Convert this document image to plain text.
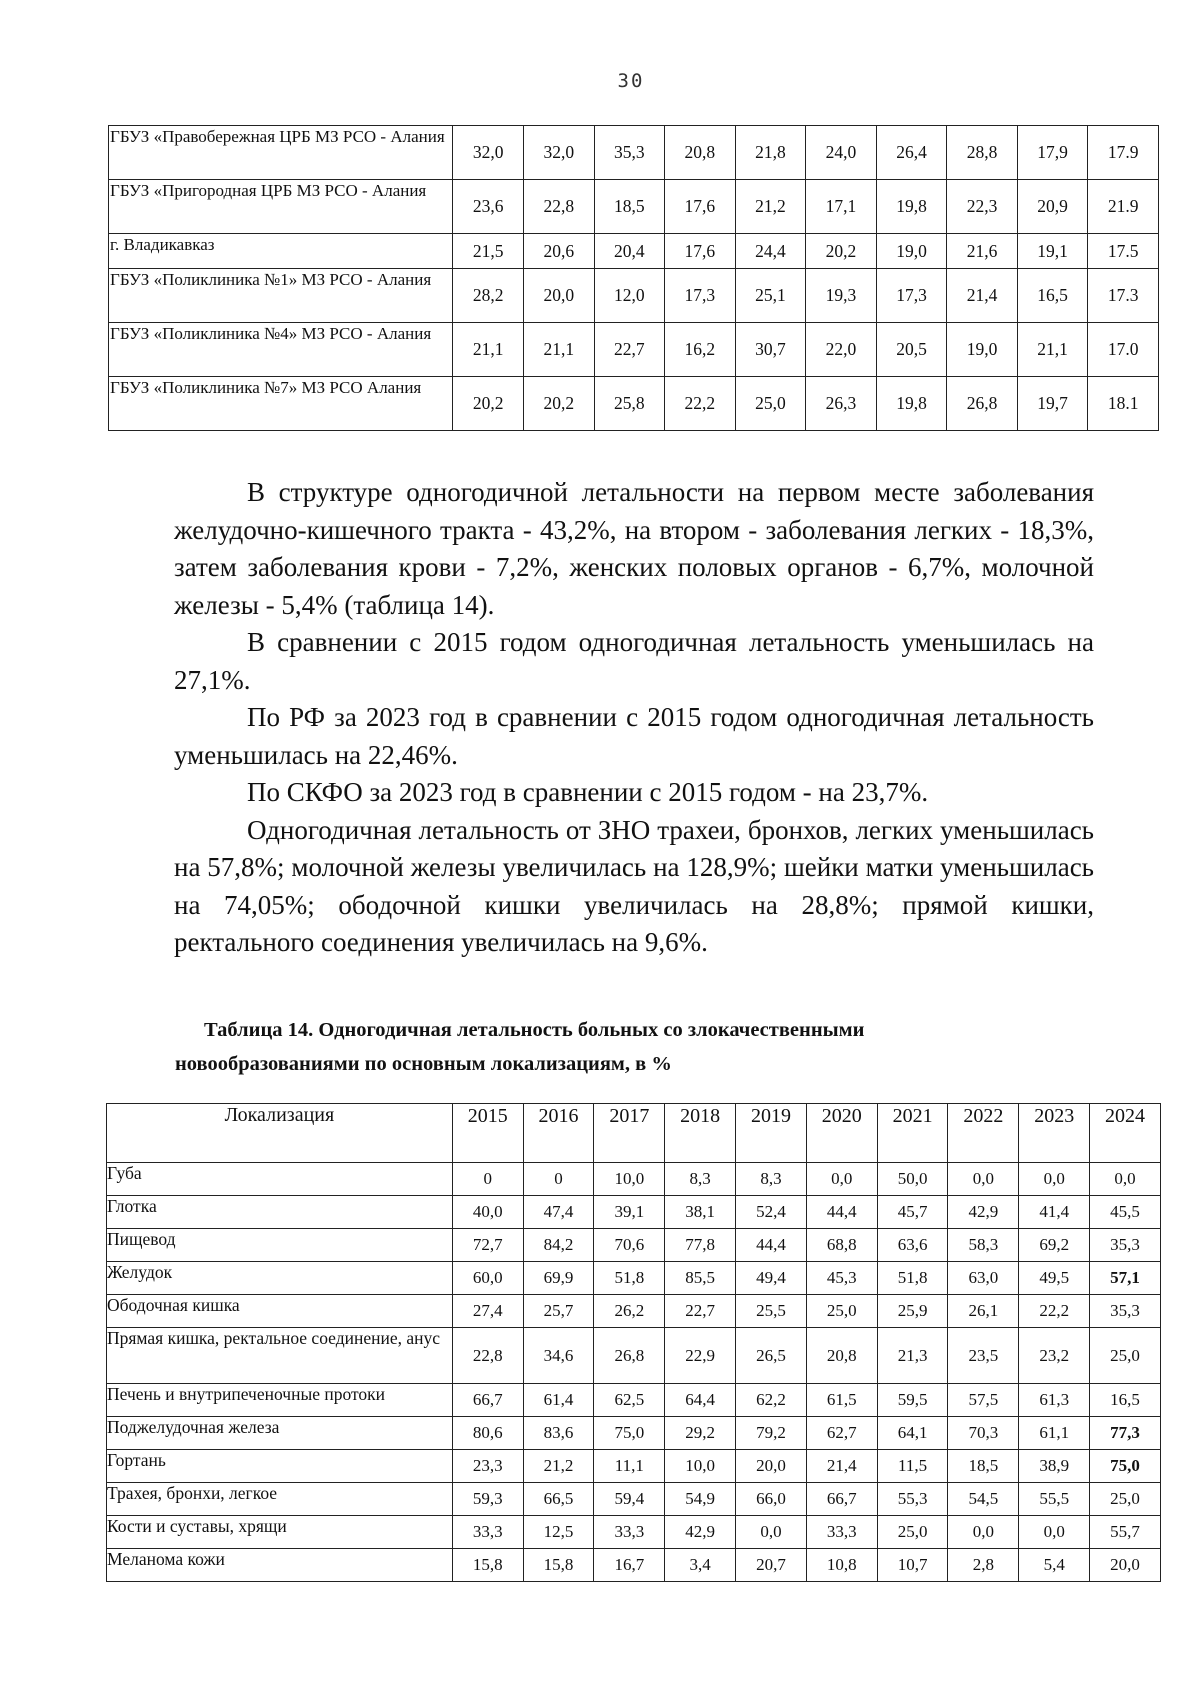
30
ГБУЗ «Правобережная ЦРБ МЗ РСО - Алания	32,0	32,0	35,3	20,8	21,8	24,0	26,4	28,8	17,9	17.9
ГБУЗ «Пригородная ЦРБ МЗ РСО - Алания	23,6	22,8	18,5	17,6	21,2	17,1	19,8	22,3	20,9	21.9
г. Владикавказ	21,5	20,6	20,4	17,6	24,4	20,2	19,0	21,6	19,1	17.5
ГБУЗ «Поликлиника №1» МЗ РСО - Алания	28,2	20,0	12,0	17,3	25,1	19,3	17,3	21,4	16,5	17.3
ГБУЗ «Поликлиника №4» МЗ РСО - Алания	21,1	21,1	22,7	16,2	30,7	22,0	20,5	19,0	21,1	17.0
ГБУЗ «Поликлиника №7» МЗ РСО Алания	20,2	20,2	25,8	22,2	25,0	26,3	19,8	26,8	19,7	18.1

В структуре одногодичной летальности на первом месте заболевания желудочно-кишечного тракта - 43,2%, на втором - заболевания легких - 18,3%, затем заболевания крови - 7,2%, женских половых органов - 6,7%, молочной железы - 5,4% (таблица 14).

В сравнении с 2015 годом одногодичная летальность уменьшилась на 27,1%.

По РФ за 2023 год в сравнении с 2015 годом одногодичная летальность уменьшилась на 22,46%.

По СКФО за 2023 год в сравнении с 2015 годом - на 23,7%.

Одногодичная летальность от ЗНО трахеи, бронхов, легких уменьшилась на 57,8%; молочной железы увеличилась на 128,9%; шейки матки уменьшилась на 74,05%; ободочной кишки увеличилась на 28,8%; прямой кишки, ректального соединения увеличилась на 9,6%.

Таблица 14. Одногодичная летальность больных со злокачественными
новообразованиями по основным локализациям, в %
Локализация	2015	2016	2017	2018	2019	2020	2021	2022	2023	2024
Губа	0	0	10,0	8,3	8,3	0,0	50,0	0,0	0,0	0,0
Глотка	40,0	47,4	39,1	38,1	52,4	44,4	45,7	42,9	41,4	45,5
Пищевод	72,7	84,2	70,6	77,8	44,4	68,8	63,6	58,3	69,2	35,3
Желудок	60,0	69,9	51,8	85,5	49,4	45,3	51,8	63,0	49,5	57,1
Ободочная кишка	27,4	25,7	26,2	22,7	25,5	25,0	25,9	26,1	22,2	35,3
Прямая кишка, ректальное соединение, анус	22,8	34,6	26,8	22,9	26,5	20,8	21,3	23,5	23,2	25,0
Печень и внутрипеченочные протоки	66,7	61,4	62,5	64,4	62,2	61,5	59,5	57,5	61,3	16,5
Поджелудочная железа	80,6	83,6	75,0	29,2	79,2	62,7	64,1	70,3	61,1	77,3
Гортань	23,3	21,2	11,1	10,0	20,0	21,4	11,5	18,5	38,9	75,0
Трахея, бронхи, легкое	59,3	66,5	59,4	54,9	66,0	66,7	55,3	54,5	55,5	25,0
Кости и суставы, хрящи	33,3	12,5	33,3	42,9	0,0	33,3	25,0	0,0	0,0	55,7
Меланома кожи	15,8	15,8	16,7	3,4	20,7	10,8	10,7	2,8	5,4	20,0
